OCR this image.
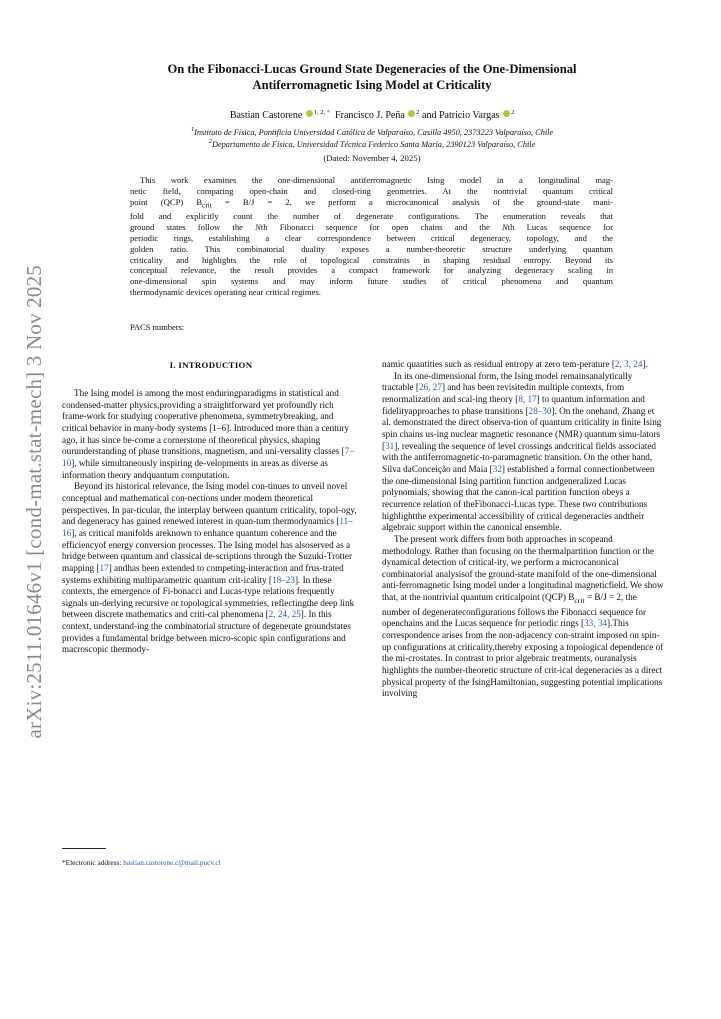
arXiv:2511.01646v1 [cond-mat.stat-mech] 3 Nov 2025
On the Fibonacci-Lucas Ground State Degeneracies of the One-Dimensional
Antiferromagnetic Ising Model at Criticality
Bastian Castorene $^{1, 2, *}$ Francisco J. Peña $^2$ and Patricio Vargas $^2$
$^1$Instituto de Física, Pontificia Universidad Católica de Valparaíso, Casilla 4950, 2373223 Valparaíso, Chile
$^2$Departamento de Física, Universidad Técnica Federico Santa María, 2390123 Valparaíso, Chile
(Dated: November 4, 2025)
This work examines the one-dimensional antiferromagnetic Ising model in a longitudinal mag-
netic field, comparing open-chain and closed-ring geometries. At the nontrivial quantum critical
point (QCP) $B_{crit} = B/J = 2$, we perform a microcanonical analysis of the ground-state mani-
fold and explicitly count the number of degenerate configurations. The enumeration reveals that
ground states follow the Nth Fibonacci sequence for open chains and the Nth Lucas sequence for
periodic rings, establishing a clear correspondence between critical degeneracy, topology, and the
golden ratio. This combinatorial duality exposes a number-theoretic structure underlying quantum
criticality and highlights the role of topological constraints in shaping residual entropy. Beyond its
conceptual relevance, the result provides a compact framework for analyzing degeneracy scaling in
one-dimensional spin systems and may inform future studies of critical phenomena and quantum
thermodynamic devices operating near critical regimes.
PACS numbers:
I. INTRODUCTION
The Ising model is among the most enduringparadigms in statistical and condensed-matter physics,providing a straightforward yet profoundly rich frame-work for studying cooperative phenomena, symmetrybreaking, and critical behavior in many-body systems [1–6]. Introduced more than a century ago, it has since be-come a cornerstone of theoretical physics, shaping ourunderstanding of phase transitions, magnetism, and uni-versality classes [7–10], while simultaneously inspiring de-velopments in areas as diverse as information theory andquantum computation.
Beyond its historical relevance, the Ising model con-tinues to unveil novel conceptual and mathematical con-nections under modern theoretical perspectives. In par-ticular, the interplay between quantum criticality, topol-ogy, and degeneracy has gained renewed interest in quan-tum thermodynamics [11–16], as critical manifolds areknown to enhance quantum coherence and the efficiencyof energy conversion processes. The Ising model has alsoserved as a bridge between quantum and classical de-scriptions through the Suzuki-Trotter mapping [17] andhas been extended to competing-interaction and frus-trated systems exhibiting multiparametric quantum crit-icality [18–23]. In these contexts, the emergence of Fi-bonacci and Lucas-type relations frequently signals un-derlying recursive or topological symmetries, reflectingthe deep link between discrete mathematics and criti-cal phenomena [2, 24, 25]. In this context, understand-ing the combinatorial structure of degenerate groundstates provides a fundamental bridge between micro-scopic spin configurations and macroscopic thermody-
namic quantities such as residual entropy at zero tem-perature [2, 3, 24].
In its one-dimensional form, the Ising model remainsanalytically tractable [26, 27] and has been revisitedin multiple contexts, from renormalization and scal-ing theory [8, 17] to quantum information and fidelityapproaches to phase transitions [28–30]. On the onehand, Zhang et al. demonstrated the direct observa-tion of quantum criticality in finite Ising spin chains us-ing nuclear magnetic resonance (NMR) quantum simu-lators [31], revealing the sequence of level crossings andcritical fields associated with the antiferromagnetic-to-paramagnetic transition. On the other hand, Silva daConceição and Maia [32] established a formal connectionbetween the one-dimensional Ising partition function andgeneralized Lucas polynomials, showing that the canon-ical partition function obeys a recurrence relation of theFibonacci-Lucas type. These two contributions highlightthe experimental accessibility of critical degeneracies andtheir algebraic support within the canonical ensemble.
The present work differs from both approaches in scopeand methodology. Rather than focusing on the thermalpartition function or the dynamical detection of critical-ity, we perform a microcanonical combinatorial analysisof the ground-state manifold of the one-dimensional anti-ferromagnetic Ising model under a longitudinal magneticfield. We show that, at the nontrivial quantum criticalpoint (QCP) $B_{crit} = B/J = 2$, the number of degenerateconfigurations follows the Fibonacci sequence for openchains and the Lucas sequence for periodic rings [33, 34].This correspondence arises from the non-adjacency con-straint imposed on spin-up configurations at criticality,thereby exposing a topological dependence of the mi-crostates. In contrast to prior algebraic treatments, ouranalysis highlights the number-theoretic structure of crit-ical degeneracies as a direct physical property of the IsingHamiltonian, suggesting potential implications involving
*Electronic address: bastian.castorene.c@mail.pucv.cl
